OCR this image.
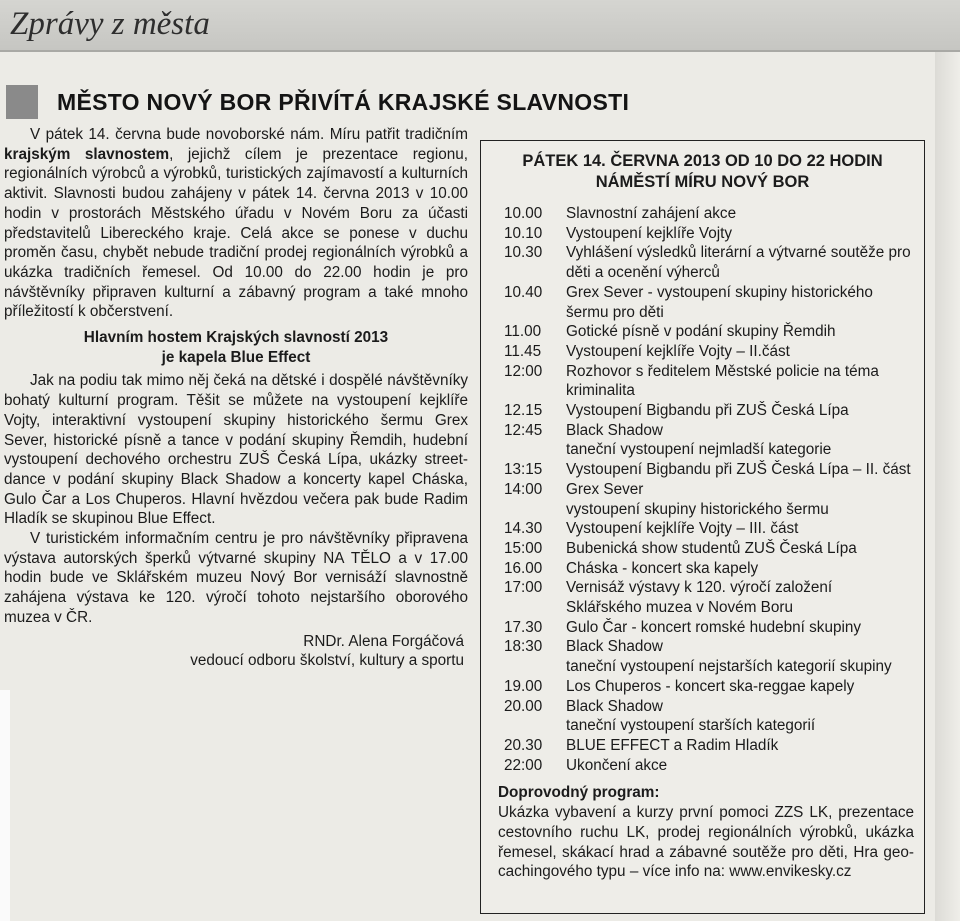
Zprávy z města
MĚSTO NOVÝ BOR PŘIVÍTÁ KRAJSKÉ SLAVNOSTI

V pátek 14. června bude novoborské nám. Míru patřit tradičním krajským slavnostem, jejichž cílem je prezentace regionu, regionálních výrobců a výrobků, turistických zajímavostí a kulturních aktivit. Slavnosti budou zahájeny v pátek 14. června 2013 v 10.00 hodin v prostorách Městského úřadu v Novém Boru za účasti představitelů Libereckého kraje. Celá akce se ponese v duchu proměn času, chybět nebude tradiční prodej regionálních výrobků a ukázka tradičních řemesel. Od 10.00 do 22.00 hodin je pro návštěvníky připraven kulturní a zábavný program a také mnoho příležitostí k občerstvení.

Hlavním hostem Krajských slavností 2013
je kapela Blue Effect

Jak na podiu tak mimo něj čeká na dětské i dospělé návštěvníky bohatý kulturní program. Těšit se můžete na vystoupení kejklíře Vojty, interaktivní vystoupení skupiny historického šermu Grex Sever, historické písně a tance v podání skupiny Řemdih, hudební vystoupení dechového orchestru ZUŠ Česká Lípa, ukázky street-dance v podání skupiny Black Shadow a koncerty kapel Cháska, Gulo Čar a Los Chuperos. Hlavní hvězdou večera pak bude Radim Hladík se skupinou Blue Effect.

V turistickém informačním centru je pro návštěvníky připravena výstava autorských šperků výtvarné skupiny NA TĚLO a v 17.00 hodin bude ve Sklářském muzeu Nový Bor vernisáží slavnostně zahájena výstava ke 120. výročí tohoto nejstaršího oborového muzea v ČR.

RNDr. Alena Forgáčová

vedoucí odboru školství, kultury a sportu

PÁTEK 14. ČERVNA 2013 OD 10 DO 22 HODIN
NÁMĚSTÍ MÍRU NOVÝ BOR
10.00	Slavnostní zahájení akce
10.10	Vystoupení kejklíře Vojty
10.30	Vyhlášení výsledků literární a výtvarné soutěže pro děti a ocenění výherců
10.40	Grex Sever - vystoupení skupiny historického šermu pro děti
11.00	Gotické písně v podání skupiny Řemdih
11.45	Vystoupení kejklíře Vojty – II.část
12:00	Rozhovor s ředitelem Městské policie na téma kriminalita
12.15	Vystoupení Bigbandu při ZUŠ Česká Lípa
12:45	Black Shadow
taneční vystoupení nejmladší kategorie
13:15	Vystoupení Bigbandu při ZUŠ Česká Lípa – II. část
14:00	Grex Sever
vystoupení skupiny historického šermu
14.30	Vystoupení kejklíře Vojty – III. část
15:00	Bubenická show studentů ZUŠ Česká Lípa
16.00	Cháska - koncert ska kapely
17:00	Vernisáž výstavy k 120. výročí založení
Sklářského muzea v Novém Boru
17.30	Gulo Čar - koncert romské hudební skupiny
18:30	Black Shadow
taneční vystoupení nejstarších kategorií skupiny
19.00	Los Chuperos - koncert ska-reggae kapely
20.00	Black Shadow
taneční vystoupení starších kategorií
20.30	BLUE EFFECT a Radim Hladík
22:00	Ukončení akce
Doprovodný program:
Ukázka vybavení a kurzy první pomoci ZZS LK, prezentace cestovního ruchu LK, prodej regionálních výrobků, ukázka řemesel, skákací hrad a zábavné soutěže pro děti, Hra geo-cachingového typu – více info na: www.envikesky.cz
